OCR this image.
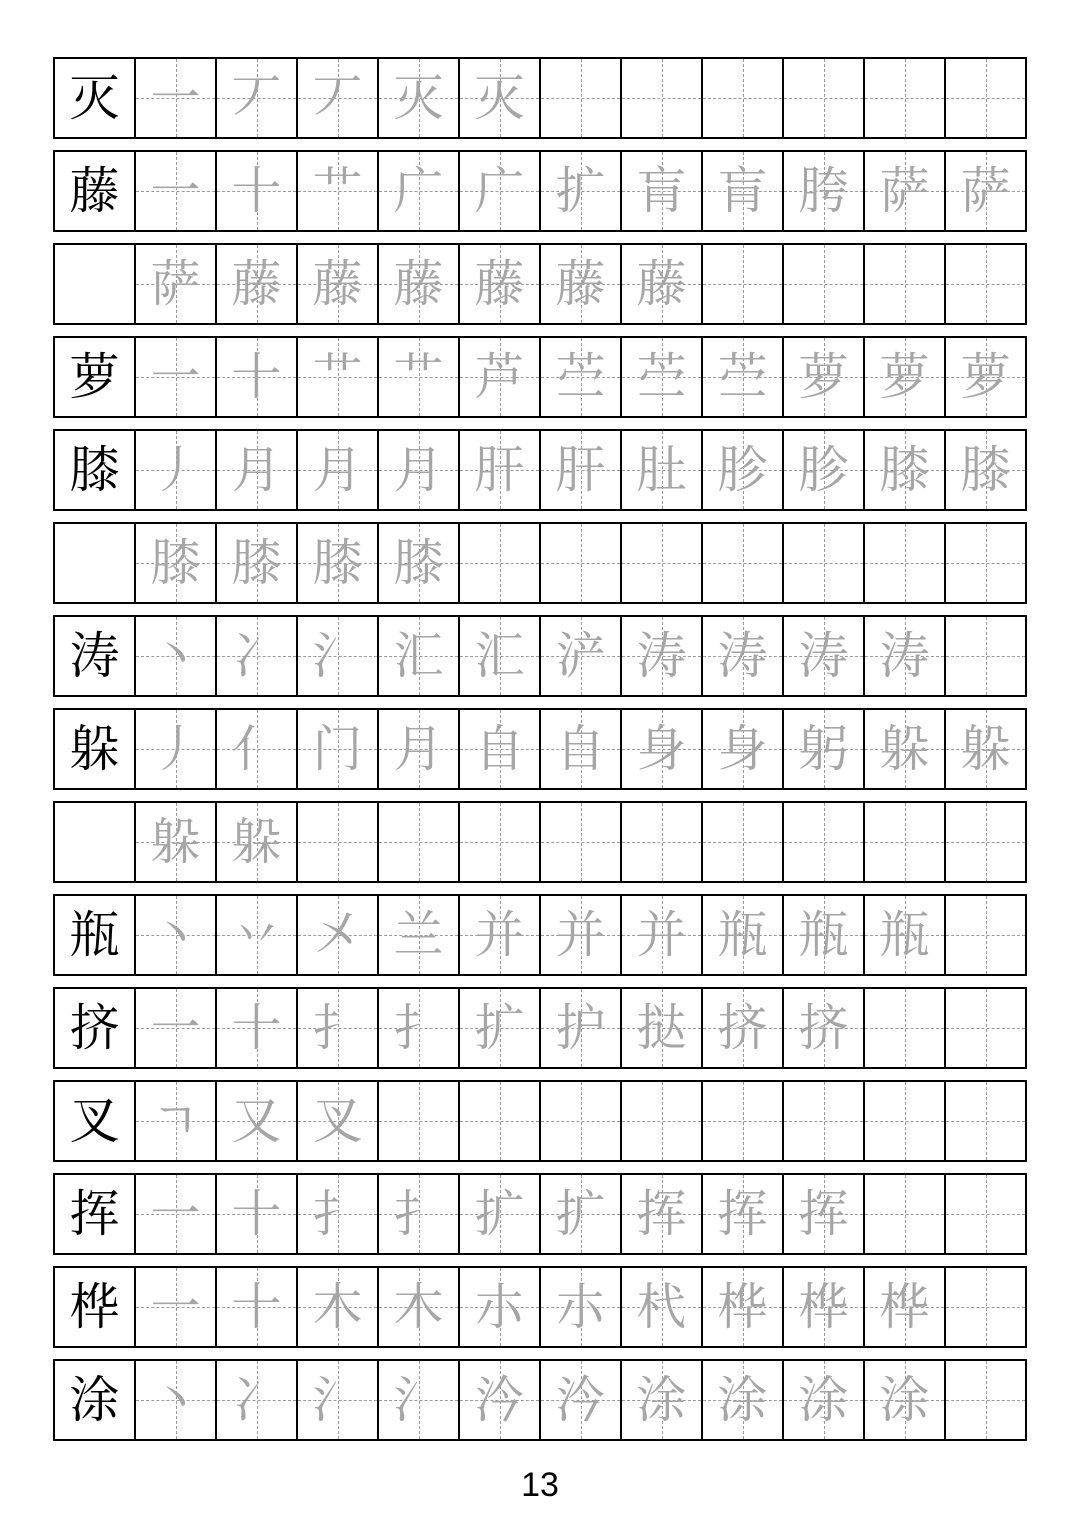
灭 一 丆 丆 灭 灭
藤 一 十 艹 广 广 扩 肓 肓 胯 萨 萨
萨 藤 藤 藤 藤 藤 藤
萝 一 十 艹 艹 芦 苎 苎 苎 萝 萝 萝
膝 丿 月 月 月 肝 肝 肚 胗 胗 膝 膝
膝 膝 膝 膝
涛 丶 冫 氵 汇 汇 浐 涛 涛 涛 涛
躲 丿 亻 门 月 自 自 身 身 躬 躲 躲
躲 躲
瓶 丶 丷 㐅 兰 并 并 并 瓶 瓶 瓶
挤 一 十 扌 扌 扩 护 挞 挤 挤
叉 ㄱ 又 叉
挥 一 十 扌 扌 扩 扩 挥 挥 挥
桦 一 十 木 木 朩 朩 杙 桦 桦 桦
涂 丶 冫 氵 氵 汵 汵 涂 涂 涂 涂
13
